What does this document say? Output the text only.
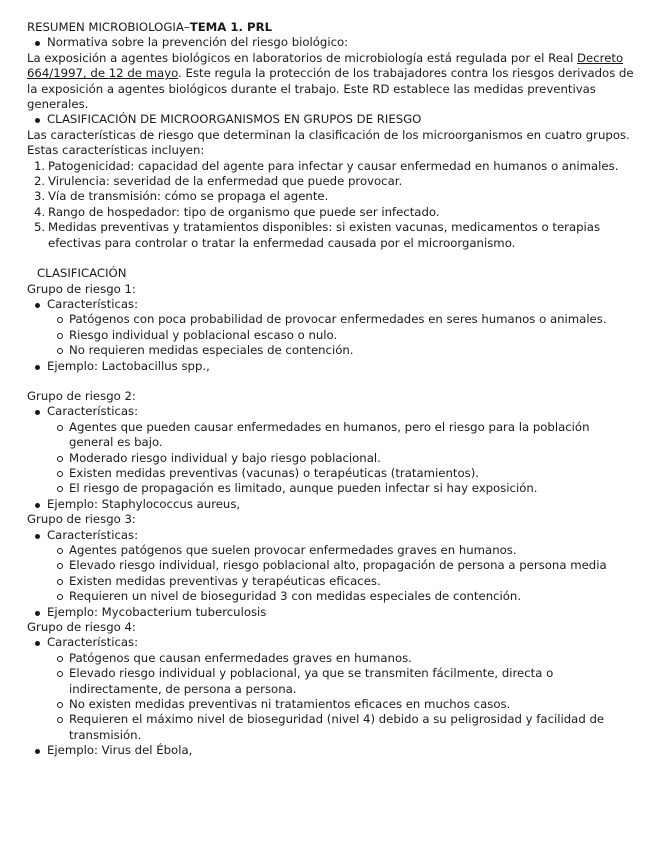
RESUMEN MICROBIOLOGIA–TEMA 1. PRL
Normativa sobre la prevención del riesgo biológico:

La exposición a agentes biológicos en laboratorios de microbiología está regulada por el Real Decreto 664/1997, de 12 de mayo. Este regula la protección de los trabajadores contra los riesgos derivados de la exposición a agentes biológicos durante el trabajo. Este RD establece las medidas preventivas generales.

CLASIFICACIÓN DE MICROORGANISMOS EN GRUPOS DE RIESGO

Las características de riesgo que determinan la clasificación de los microorganismos en cuatro grupos. Estas características incluyen:

1. Patogenicidad: capacidad del agente para infectar y causar enfermedad en humanos o animales.
2. Virulencia: severidad de la enfermedad que puede provocar.
3. Vía de transmisión: cómo se propaga el agente.
4. Rango de hospedador: tipo de organismo que puede ser infectado.
5. Medidas preventivas y tratamientos disponibles: si existen vacunas, medicamentos o terapias efectivas para controlar o tratar la enfermedad causada por el microorganismo.
CLASIFICACIÓN
Grupo de riesgo 1:
Características:
Patógenos con poca probabilidad de provocar enfermedades en seres humanos o animales.
Riesgo individual y poblacional escaso o nulo.
No requieren medidas especiales de contención.
Ejemplo: Lactobacillus spp.,
Grupo de riesgo 2:
Características:
Agentes que pueden causar enfermedades en humanos, pero el riesgo para la población general es bajo.
Moderado riesgo individual y bajo riesgo poblacional.
Existen medidas preventivas (vacunas) o terapéuticas (tratamientos).
El riesgo de propagación es limitado, aunque pueden infectar si hay exposición.
Ejemplo: Staphylococcus aureus,
Grupo de riesgo 3:
Características:
Agentes patógenos que suelen provocar enfermedades graves en humanos.
Elevado riesgo individual, riesgo poblacional alto, propagación de persona a persona media
Existen medidas preventivas y terapéuticas eficaces.
Requieren un nivel de bioseguridad 3 con medidas especiales de contención.
Ejemplo: Mycobacterium tuberculosis
Grupo de riesgo 4:
Características:
Patógenos que causan enfermedades graves en humanos.
Elevado riesgo individual y poblacional, ya que se transmiten fácilmente, directa o indirectamente, de persona a persona.
No existen medidas preventivas ni tratamientos eficaces en muchos casos.
Requieren el máximo nivel de bioseguridad (nivel 4) debido a su peligrosidad y facilidad de transmisión.
Ejemplo: Virus del Ébola,
